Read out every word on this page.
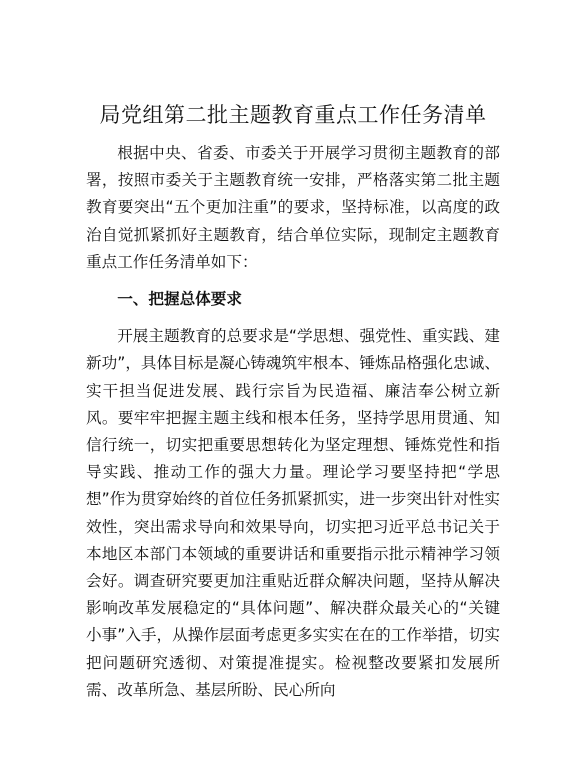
局党组第二批主题教育重点工作任务清单

根据中央、省委、市委关于开展学习贯彻主题教育的部署，按照市委关于主题教育统一安排，严格落实第二批主题教育要突出“五个更加注重”的要求，坚持标准，以高度的政治自觉抓紧抓好主题教育，结合单位实际，现制定主题教育重点工作任务清单如下：

一、把握总体要求

开展主题教育的总要求是“学思想、强党性、重实践、建新功”，具体目标是凝心铸魂筑牢根本、锤炼品格强化忠诚、实干担当促进发展、践行宗旨为民造福、廉洁奉公树立新风。要牢牢把握主题主线和根本任务，坚持学思用贯通、知信行统一，切实把重要思想转化为坚定理想、锤炼党性和指导实践、推动工作的强大力量。理论学习要坚持把“学思想”作为贯穿始终的首位任务抓紧抓实，进一步突出针对性实效性，突出需求导向和效果导向，切实把习近平总书记关于本地区本部门本领域的重要讲话和重要指示批示精神学习领会好。调查研究要更加注重贴近群众解决问题，坚持从解决影响改革发展稳定的“具体问题”、解决群众最关心的“关键小事”入手，从操作层面考虑更多实实在在的工作举措，切实把问题研究透彻、对策提准提实。检视整改要紧扣发展所需、改革所急、基层所盼、民心所向
